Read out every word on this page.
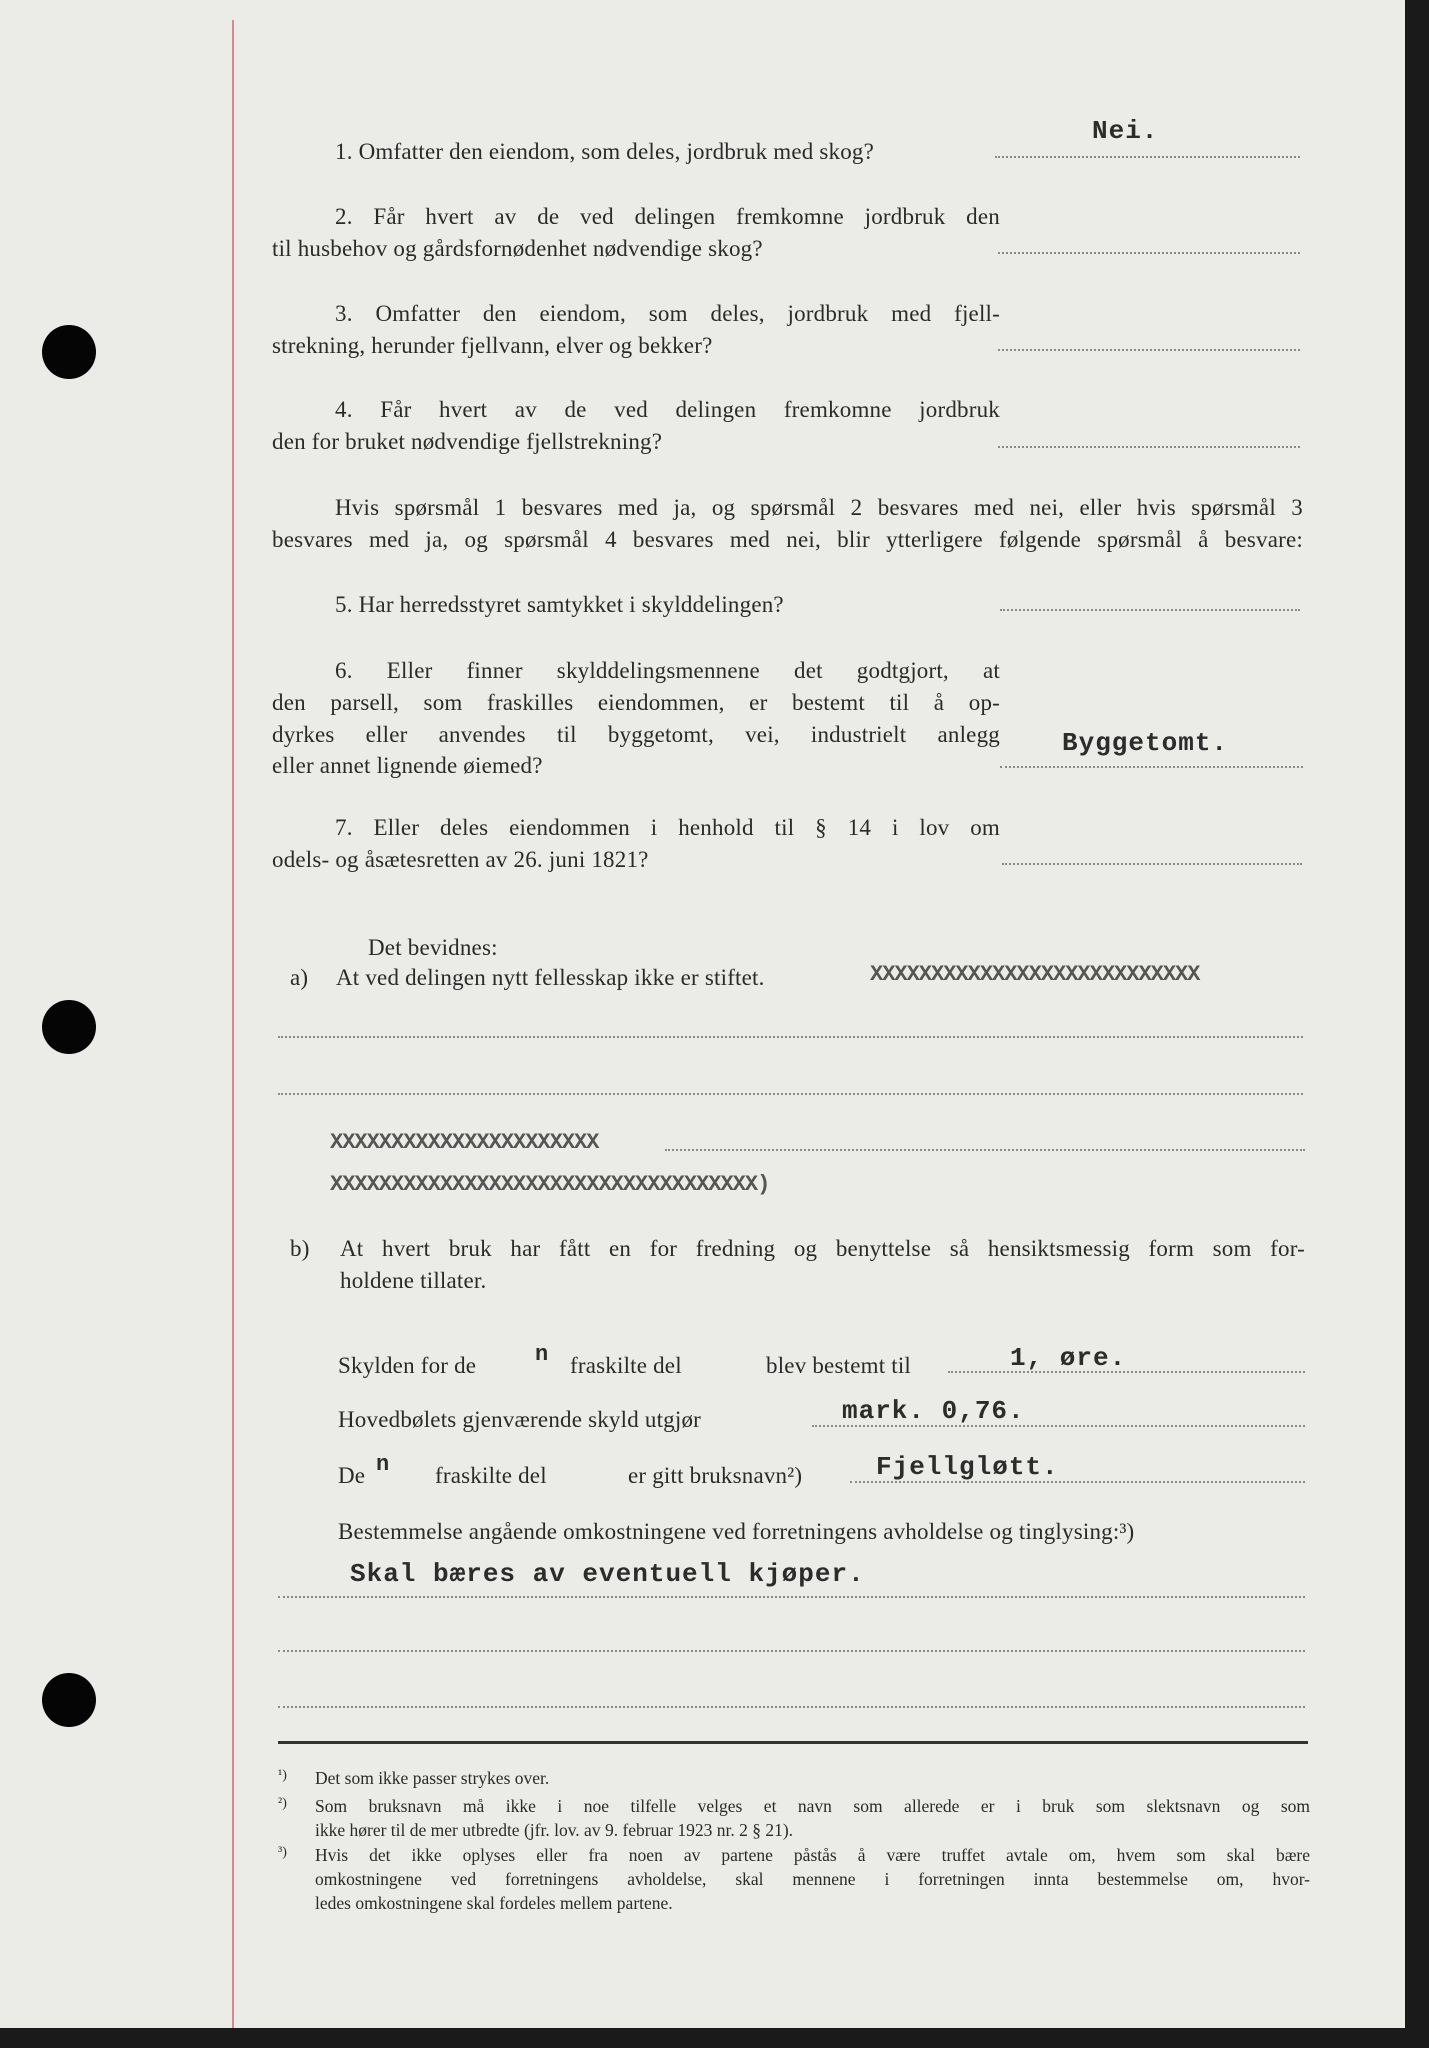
1. Omfatter den eiendom, som deles, jordbruk med skog?
Nei.
2. Får hvert av de ved delingen fremkomne jordbruk den
til husbehov og gårdsfornødenhet nødvendige skog?
3. Omfatter den eiendom, som deles, jordbruk med fjell-
strekning, herunder fjellvann, elver og bekker?
4. Får hvert av de ved delingen fremkomne jordbruk
den for bruket nødvendige fjellstrekning?
Hvis spørsmål 1 besvares med ja, og spørsmål 2 besvares med nei, eller hvis spørsmål 3
besvares med ja, og spørsmål 4 besvares med nei, blir ytterligere følgende spørsmål å besvare:
5. Har herredsstyret samtykket i skylddelingen?
6. Eller finner skylddelingsmennene det godtgjort, at
den parsell, som fraskilles eiendommen, er bestemt til å op-
dyrkes eller anvendes til byggetomt, vei, industrielt anlegg
eller annet lignende øiemed?
Byggetomt.
7. Eller deles eiendommen i henhold til § 14 i lov om
odels- og åsætesretten av 26. juni 1821?
Det bevidnes:
a) At ved delingen nytt fellesskap ikke er stiftet.	XXXXXXXXXXXXXXXXXXXXXXXXXXX
XXXXXXXXXXXXXXXXXXXXXX
XXXXXXXXXXXXXXXXXXXXXXXXXXXXXXXXXXX)
b) At hvert bruk har fått en for fredning og benyttelse så hensiktsmessig form som for-
holdene tillater.
Skylden for de	n fraskilte del	blev bestemt til	1, øre.
Hovedbølets gjenværende skyld utgjør	mark. 0,76.
De n fraskilte del	er gitt bruksnavn²)	Fjellgløtt.
Bestemmelse angående omkostningene ved forretningens avholdelse og tinglysing:³)
Skal bæres av eventuell kjøper.
¹) Det som ikke passer strykes over.
²) Som bruksnavn må ikke i noe tilfelle velges et navn som allerede er i bruk som slektsnavn og som
ikke hører til de mer utbredte (jfr. lov. av 9. februar 1923 nr. 2 § 21).
³) Hvis det ikke oplyses eller fra noen av partene påstås å være truffet avtale om, hvem som skal bære
omkostningene ved forretningens avholdelse, skal mennene i forretningen innta bestemmelse om, hvor-
ledes omkostningene skal fordeles mellem partene.
